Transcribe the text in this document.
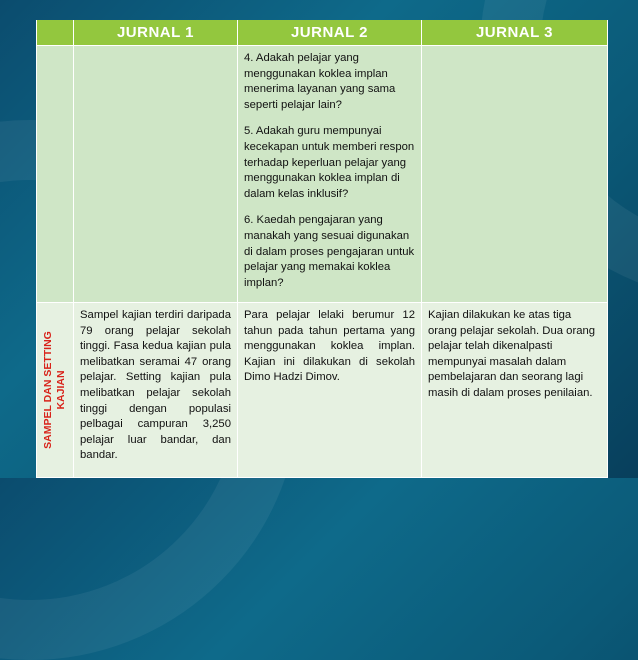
JURNAL 1	JURNAL 2	JURNAL 3

4. Adakah pelajar yang menggunakan koklea implan menerima layanan yang sama seperti pelajar lain?

5. Adakah guru mempunyai kecekapan untuk memberi respon terhadap keperluan pelajar yang menggunakan koklea implan di dalam kelas inklusif?

6. Kaedah pengajaran yang manakah yang sesuai digunakan di dalam proses pengajaran untuk pelajar yang memakai koklea implan?

SAMPEL DAN SETTING KAJIAN
Sampel kajian terdiri daripada 79 orang pelajar sekolah tinggi. Fasa kedua kajian pula melibatkan seramai 47 orang pelajar. Setting kajian pula melibatkan pelajar sekolah tinggi dengan populasi pelbagai campuran 3,250 pelajar luar bandar, dan bandar.
Para pelajar lelaki berumur 12 tahun pada tahun pertama yang menggunakan koklea implan. Kajian ini dilakukan di sekolah Dimo Hadzi Dimov.
Kajian dilakukan ke atas tiga orang pelajar sekolah. Dua orang pelajar telah dikenalpasti mempunyai masalah dalam pembelajaran dan seorang lagi masih di dalam proses penilaian.
